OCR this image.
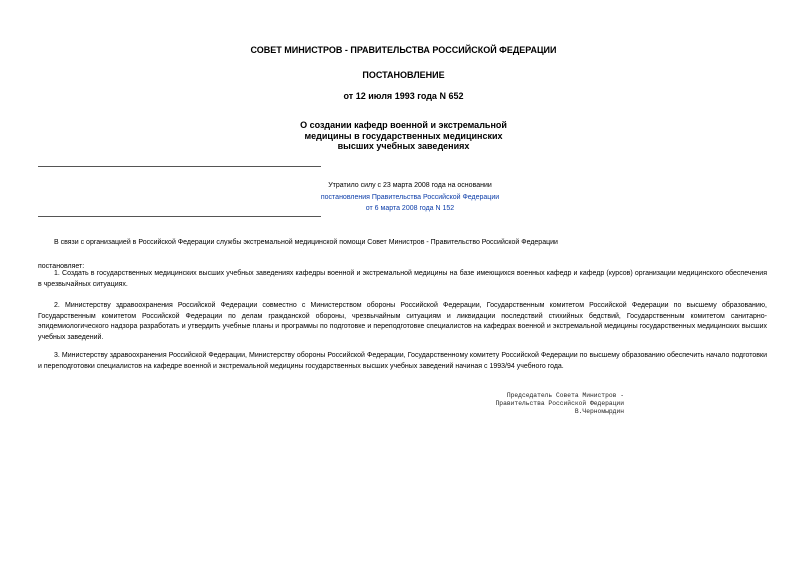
СОВЕТ МИНИСТРОВ - ПРАВИТЕЛЬСТВА РОССИЙСКОЙ ФЕДЕРАЦИИ

ПОСТАНОВЛЕНИЕ

от 12 июля 1993 года N 652

О создании кафедр военной и экстремальной
медицины в государственных медицинских
высших учебных заведениях
Утратило силу с 23 марта 2008 года на основании
постановления Правительства Российской Федерации
от 6 марта 2008 года N 152

В связи с организацией в Российской Федерации службы экстремальной медицинской помощи Совет Министров - Правительство Российской Федерации

постановляет:

1. Создать в государственных медицинских высших учебных заведениях кафедры военной и экстремальной медицины на базе имеющихся военных кафедр и кафедр (курсов) организации медицинского обеспечения в чрезвычайных ситуациях.

2. Министерству здравоохранения Российской Федерации совместно с Министерством обороны Российской Федерации, Государственным комитетом Российской Федерации по высшему образованию, Государственным комитетом Российской Федерации по делам гражданской обороны, чрезвычайным ситуациям и ликвидации последствий стихийных бедствий, Государственным комитетом санитарно-эпидемиологического надзора разработать и утвердить учебные планы и программы по подготовке и переподготовке специалистов на кафедрах военной и экстремальной медицины государственных медицинских высших учебных заведений.

3. Министерству здравоохранения Российской Федерации, Министерству обороны Российской Федерации, Государственному комитету Российской Федерации по высшему образованию обеспечить начало подготовки и переподготовки специалистов на кафедре военной и экстремальной медицины государственных высших учебных заведений начиная с 1993/94 учебного года.

Председатель Совета Министров -
Правительства Российской Федерации
В.Черномырдин
